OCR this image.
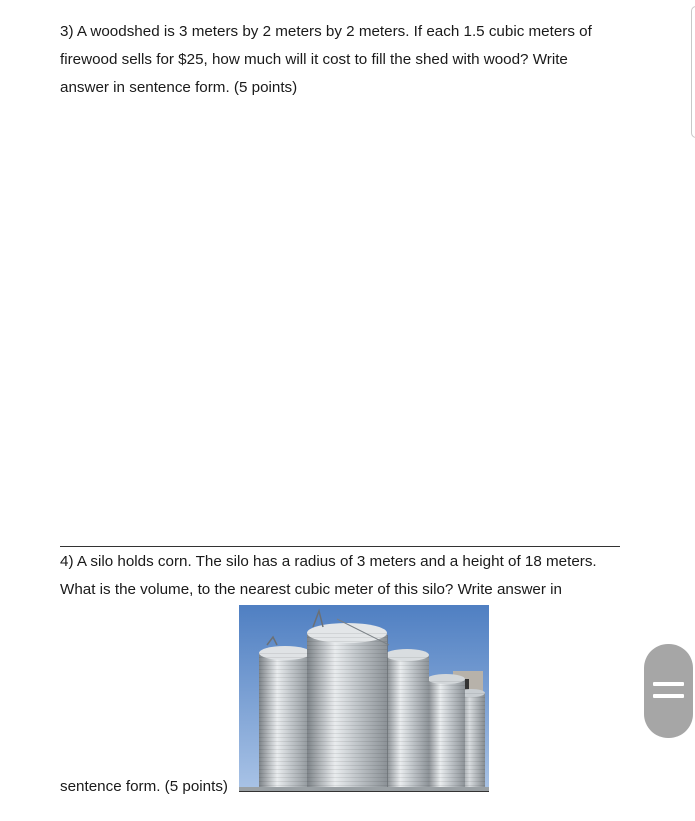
3) A woodshed is 3 meters by 2 meters by 2 meters. If each 1.5 cubic meters of
firewood sells for $25, how much will it cost to fill the shed with wood? Write
answer in sentence form. (5 points)
4) A silo holds corn. The silo has a radius of 3 meters and a height of 18 meters.
What is the volume, to the nearest cubic meter of this silo? Write answer in
sentence form. (5 points)
